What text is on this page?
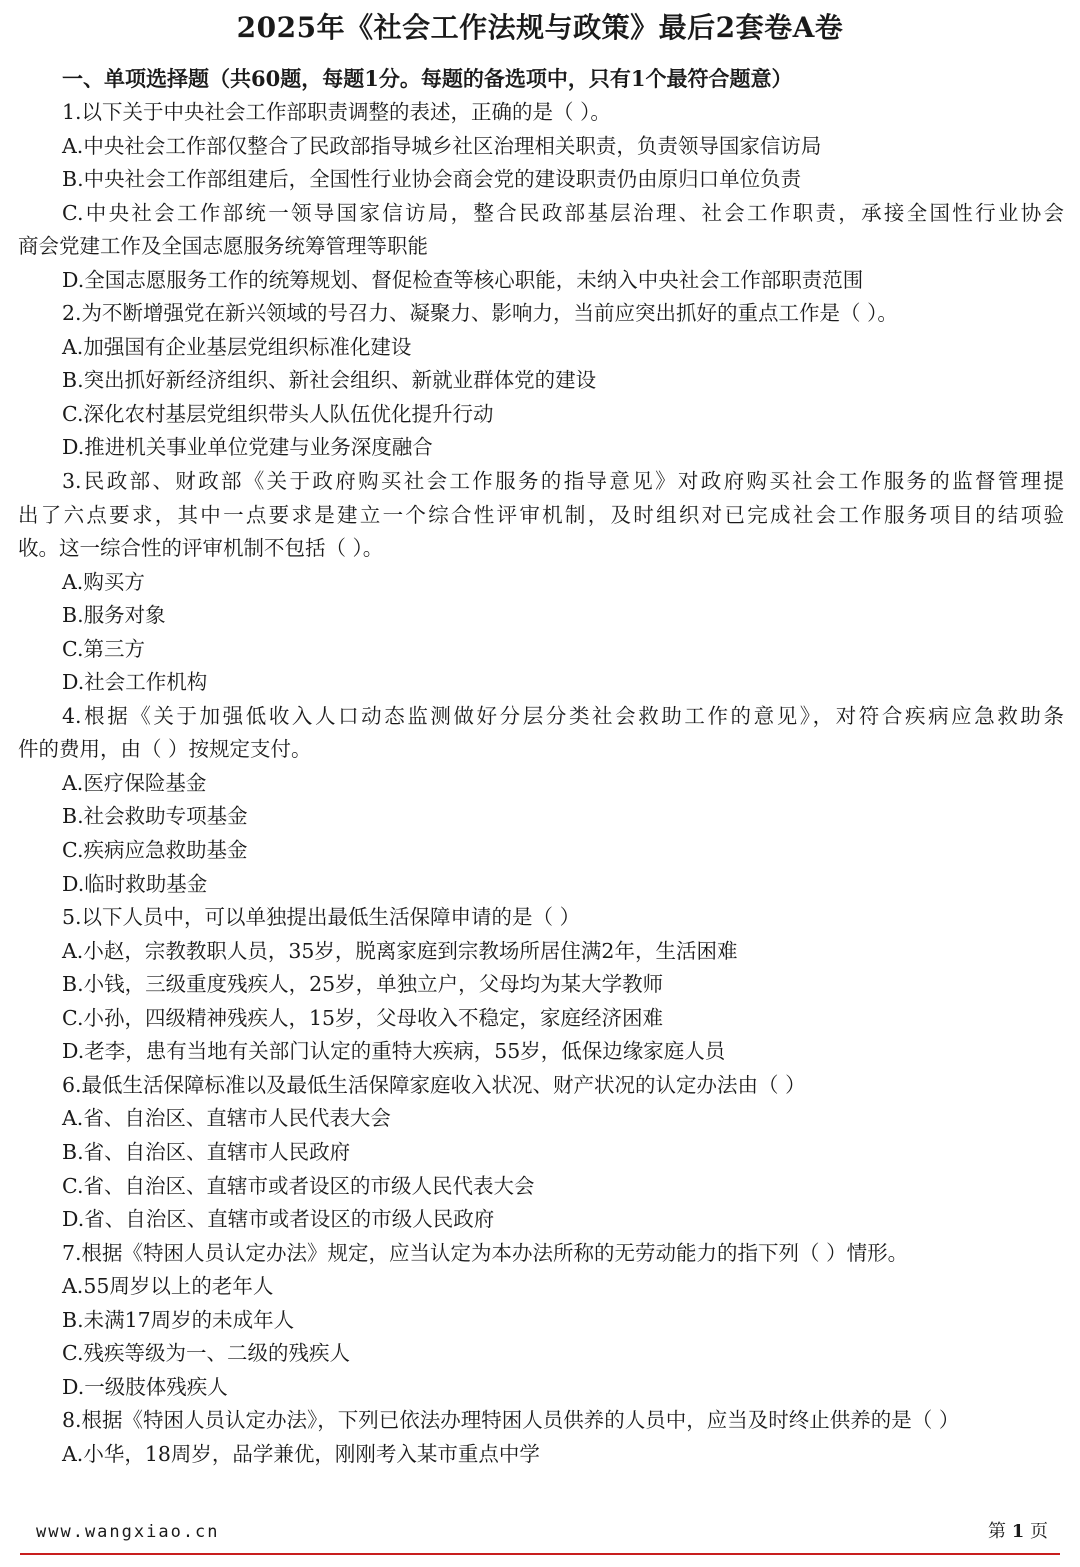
2025年《社会工作法规与政策》最后2套卷A卷
一、单项选择题（共60题，每题1分。每题的备选项中，只有1个最符合题意）
1.以下关于中央社会工作部职责调整的表述，正确的是（ ）。
A.中央社会工作部仅整合了民政部指导城乡社区治理相关职责，负责领导国家信访局
B.中央社会工作部组建后，全国性行业协会商会党的建设职责仍由原归口单位负责
C.中央社会工作部统一领导国家信访局，整合民政部基层治理、社会工作职责，承接全国性行业协会
商会党建工作及全国志愿服务统筹管理等职能
D.全国志愿服务工作的统筹规划、督促检查等核心职能，未纳入中央社会工作部职责范围
2.为不断增强党在新兴领域的号召力、凝聚力、影响力，当前应突出抓好的重点工作是（ ）。
A.加强国有企业基层党组织标准化建设
B.突出抓好新经济组织、新社会组织、新就业群体党的建设
C.深化农村基层党组织带头人队伍优化提升行动
D.推进机关事业单位党建与业务深度融合
3.民政部、财政部《关于政府购买社会工作服务的指导意见》对政府购买社会工作服务的监督管理提
出了六点要求，其中一点要求是建立一个综合性评审机制，及时组织对已完成社会工作服务项目的结项验
收。这一综合性的评审机制不包括（ ）。
A.购买方
B.服务对象
C.第三方
D.社会工作机构
4.根据《关于加强低收入人口动态监测做好分层分类社会救助工作的意见》，对符合疾病应急救助条
件的费用，由（ ）按规定支付。
A.医疗保险基金
B.社会救助专项基金
C.疾病应急救助基金
D.临时救助基金
5.以下人员中，可以单独提出最低生活保障申请的是（ ）
A.小赵，宗教教职人员，35岁，脱离家庭到宗教场所居住满2年，生活困难
B.小钱，三级重度残疾人，25岁，单独立户，父母均为某大学教师
C.小孙，四级精神残疾人，15岁，父母收入不稳定，家庭经济困难
D.老李，患有当地有关部门认定的重特大疾病，55岁，低保边缘家庭人员
6.最低生活保障标准以及最低生活保障家庭收入状况、财产状况的认定办法由（ ）
A.省、自治区、直辖市人民代表大会
B.省、自治区、直辖市人民政府
C.省、自治区、直辖市或者设区的市级人民代表大会
D.省、自治区、直辖市或者设区的市级人民政府
7.根据《特困人员认定办法》规定，应当认定为本办法所称的无劳动能力的指下列（ ）情形。
A.55周岁以上的老年人
B.未满17周岁的未成年人
C.残疾等级为一、二级的残疾人
D.一级肢体残疾人
8.根据《特困人员认定办法》，下列已依法办理特困人员供养的人员中，应当及时终止供养的是（ ）
A.小华，18周岁，品学兼优，刚刚考入某市重点中学
www.wangxiao.cn	第 1 页
